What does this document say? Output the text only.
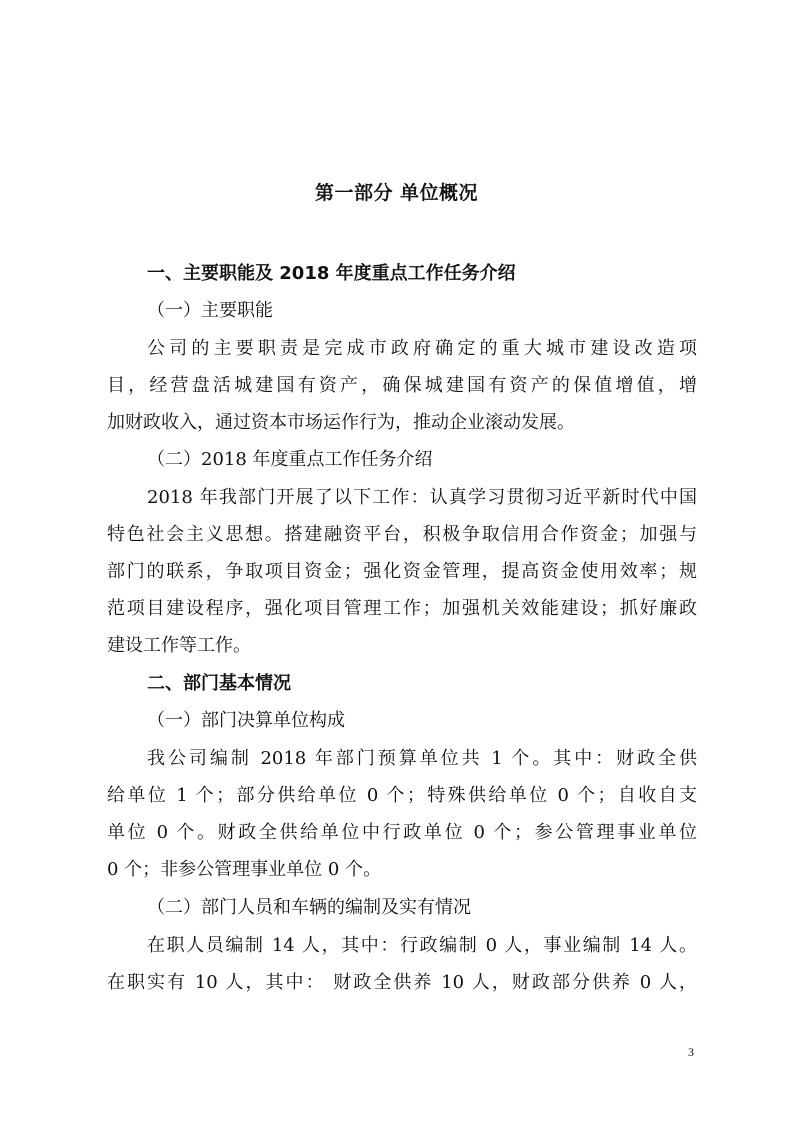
第一部分 单位概况
一、主要职能及 2018 年度重点工作任务介绍
（一）主要职能
公司的主要职责是完成市政府确定的重大城市建设改造项
目，经营盘活城建国有资产，确保城建国有资产的保值增值，增
加财政收入，通过资本市场运作行为，推动企业滚动发展。
（二）2018 年度重点工作任务介绍
2018 年我部门开展了以下工作：认真学习贯彻习近平新时代中国
特色社会主义思想。搭建融资平台，积极争取信用合作资金；加强与
部门的联系，争取项目资金；强化资金管理，提高资金使用效率；规
范项目建设程序，强化项目管理工作；加强机关效能建设；抓好廉政
建设工作等工作。
二、部门基本情况
（一）部门决算单位构成
我公司编制 2018 年部门预算单位共 1 个。其中：财政全供
给单位 1 个；部分供给单位 0 个；特殊供给单位 0 个；自收自支
单位 0 个。财政全供给单位中行政单位 0 个；参公管理事业单位
0 个；非参公管理事业单位 0 个。
（二）部门人员和车辆的编制及实有情况
在职人员编制 14 人，其中：行政编制 0 人，事业编制 14 人。
在职实有 10 人，其中： 财政全供养 10 人，财政部分供养 0 人，
3
